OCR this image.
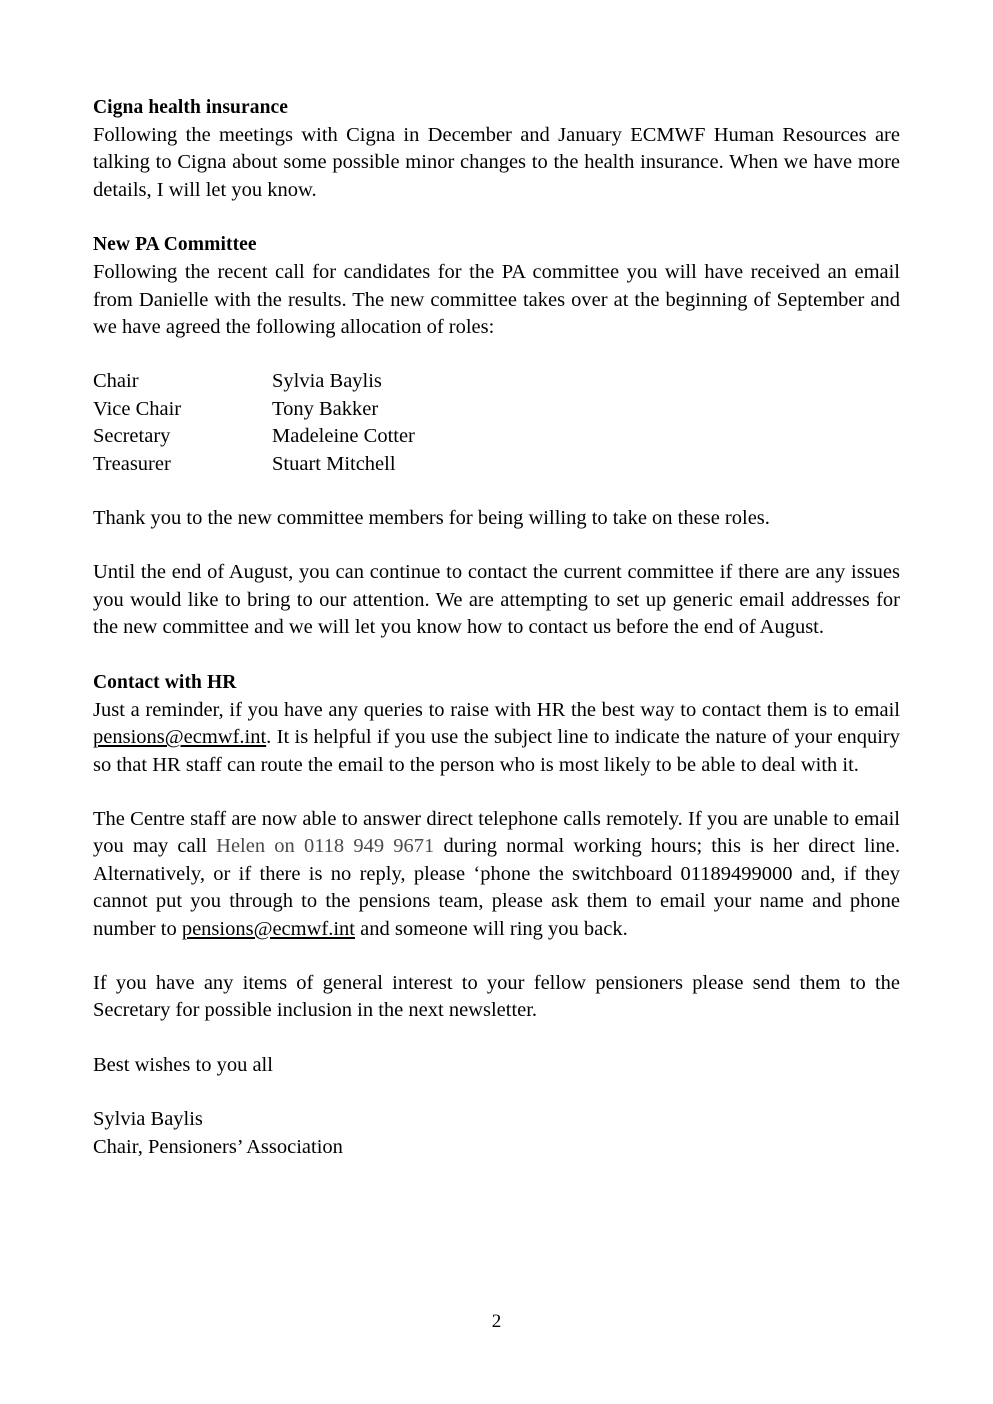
Cigna health insurance

Following the meetings with Cigna in December and January ECMWF Human Resources are talking to Cigna about some possible minor changes to the health insurance. When we have more details, I will let you know.

New PA Committee

Following the recent call for candidates for the PA committee you will have received an email from Danielle with the results. The new committee takes over at the beginning of September and we have agreed the following allocation of roles:

Chair	Sylvia Baylis
Vice Chair	Tony Bakker
Secretary	Madeleine Cotter
Treasurer	Stuart Mitchell

Thank you to the new committee members for being willing to take on these roles.

Until the end of August, you can continue to contact the current committee if there are any issues you would like to bring to our attention. We are attempting to set up generic email addresses for the new committee and we will let you know how to contact us before the end of August.

Contact with HR

Just a reminder, if you have any queries to raise with HR the best way to contact them is to email pensions@ecmwf.int. It is helpful if you use the subject line to indicate the nature of your enquiry so that HR staff can route the email to the person who is most likely to be able to deal with it.

The Centre staff are now able to answer direct telephone calls remotely. If you are unable to email you may call Helen on 0118 949 9671 during normal working hours; this is her direct line. Alternatively, or if there is no reply, please ‘phone the switchboard 01189499000 and, if they cannot put you through to the pensions team, please ask them to email your name and phone number to pensions@ecmwf.int and someone will ring you back.

If you have any items of general interest to your fellow pensioners please send them to the Secretary for possible inclusion in the next newsletter.

Best wishes to you all

Sylvia Baylis

Chair, Pensioners’ Association

2
